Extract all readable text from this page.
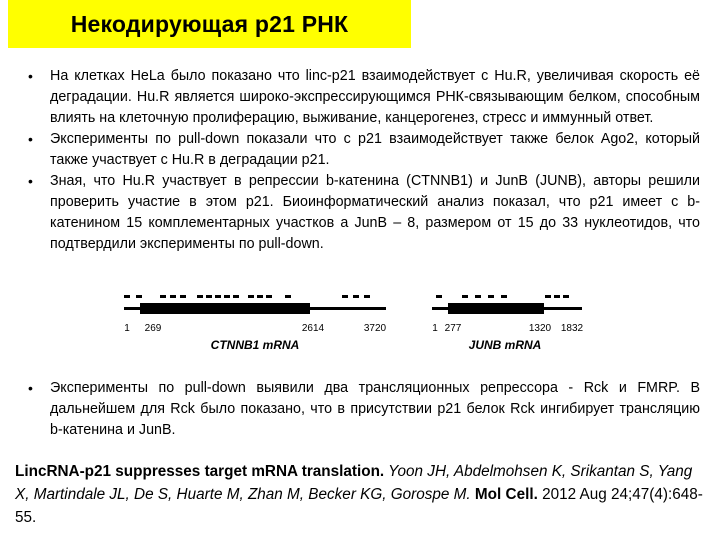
Некодирующая p21 РНК
• На клетках HeLa было показано что linc-p21 взаимодействует с Hu.R, увеличивая скорость её деградации. Hu.R является широко-экспрессирующимся РНК-связывающим белком, способным влиять на клеточную пролиферацию, выживание, канцерогенез, стресс и иммунный ответ.
• Эксперименты по pull-down показали что с p21 взаимодействует также белок Ago2, который также участвует с Hu.R в деградации p21.
• Зная, что Hu.R участвует в репрессии b-катенина (CTNNB1) и JunB (JUNB), авторы решили проверить участие в этом p21. Биоинформатический анализ показал, что p21 имеет с b-катенином 15 комплементарных участков а JunB – 8, размером от 15 до 33 нуклеотидов, что подтвердили эксперименты по pull-down.
1 269	2614	3720
CTNNB1 mRNA
1 277	1320 1832
JUNB mRNA
• Эксперименты по pull-down выявили два трансляционных репрессора - Rck и FMRP. В дальнейшем для Rck было показано, что в присутствии p21 белок Rck ингибирует трансляцию b-катенина и JunB.
LincRNA-p21 suppresses target mRNA translation. Yoon JH, Abdelmohsen K, Srikantan S, Yang X, Martindale JL, De S, Huarte M, Zhan M, Becker KG, Gorospe M. Mol Cell. 2012 Aug 24;47(4):648-55.
